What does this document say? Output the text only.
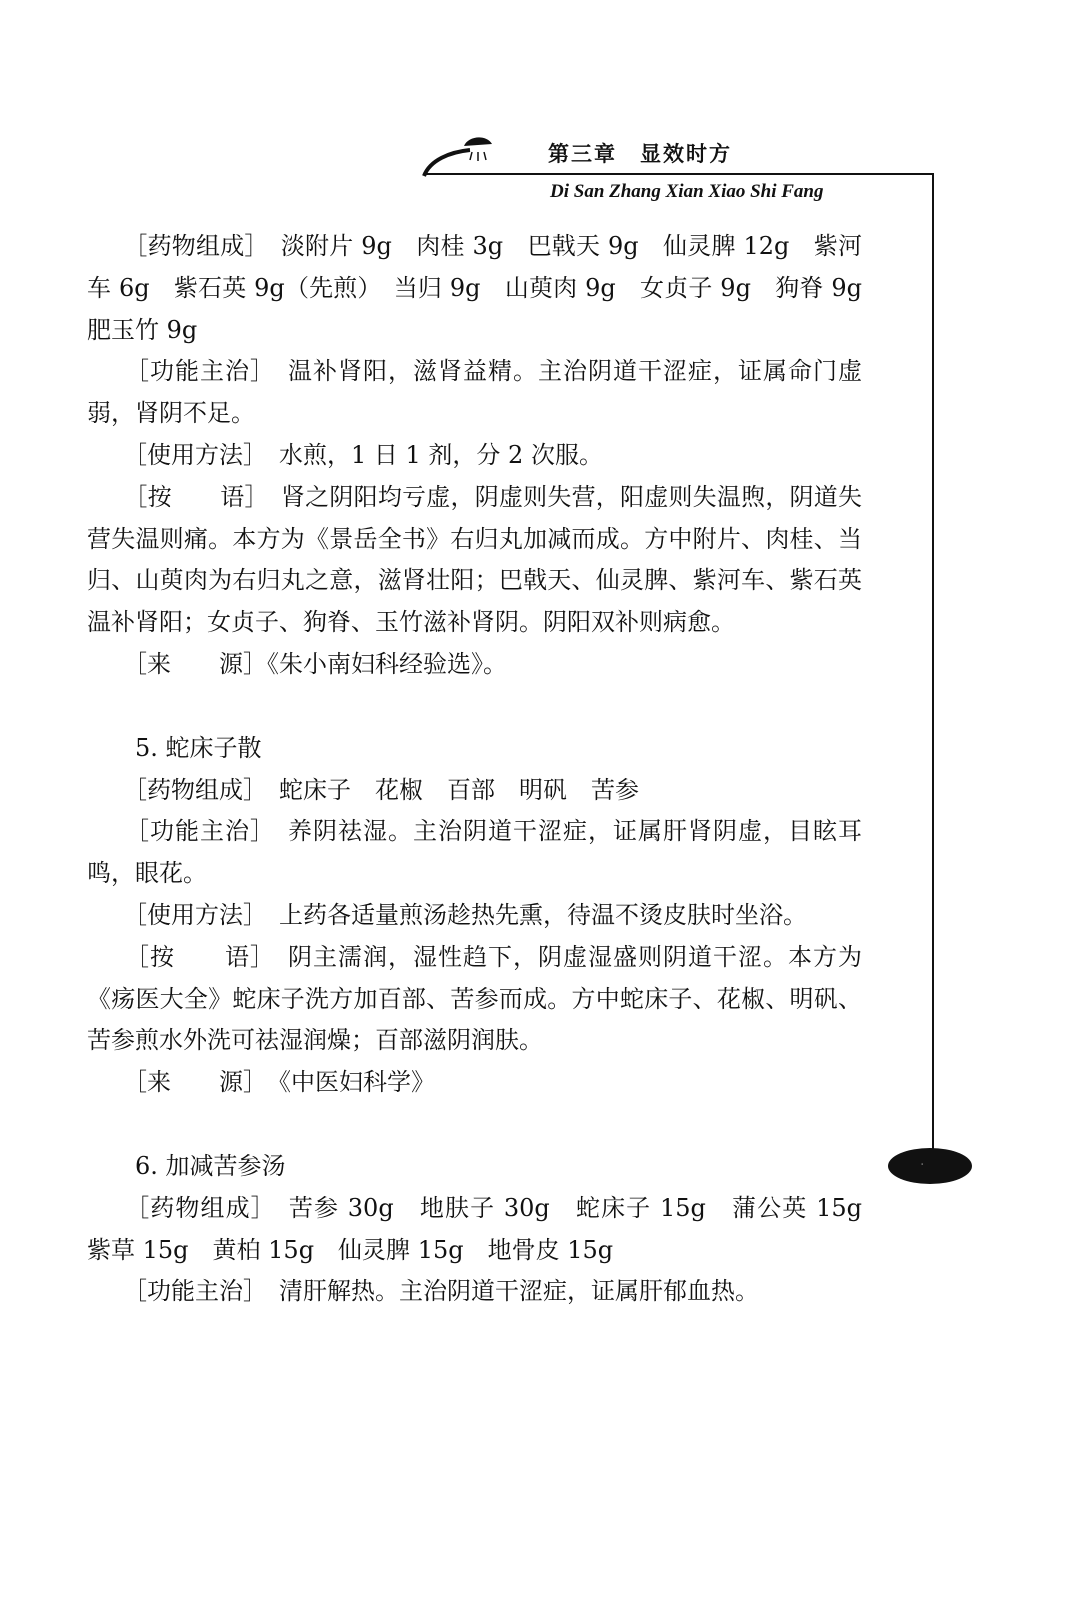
第三章　显效时方
Di San Zhang Xian Xiao Shi Fang
·

　　［药物组成］　淡附片 9g　肉桂 3g　巴戟天 9g　仙灵脾 12g　紫河车 6g　紫石英 9g（先煎）　当归 9g　山萸肉 9g　女贞子 9g　狗脊 9g　肥玉竹 9g

　　［功能主治］　温补肾阳，滋肾益精。主治阴道干涩症，证属命门虚弱，肾阴不足。

　　［使用方法］　水煎，1 日 1 剂，分 2 次服。

　　［按　　语］　肾之阴阳均亏虚，阴虚则失营，阳虚则失温煦，阴道失营失温则痛。本方为《景岳全书》右归丸加减而成。方中附片、肉桂、当归、山萸肉为右归丸之意，滋肾壮阳；巴戟天、仙灵脾、紫河车、紫石英温补肾阳；女贞子、狗脊、玉竹滋补肾阴。阴阳双补则病愈。

　　［来　　源］《朱小南妇科经验选》。

　　5. 蛇床子散

　　［药物组成］　蛇床子　花椒　百部　明矾　苦参

　　［功能主治］　养阴祛湿。主治阴道干涩症，证属肝肾阴虚，目眩耳鸣，眼花。

　　［使用方法］　上药各适量煎汤趁热先熏，待温不烫皮肤时坐浴。

　　［按　　语］　阴主濡润，湿性趋下，阴虚湿盛则阴道干涩。本方为《疡医大全》蛇床子洗方加百部、苦参而成。方中蛇床子、花椒、明矾、苦参煎水外洗可祛湿润燥；百部滋阴润肤。

　　［来　　源］　《中医妇科学》

　　6. 加减苦参汤

　　［药物组成］　苦参 30g　地肤子 30g　蛇床子 15g　蒲公英 15g　紫草 15g　黄柏 15g　仙灵脾 15g　地骨皮 15g

　　［功能主治］　清肝解热。主治阴道干涩症，证属肝郁血热。
